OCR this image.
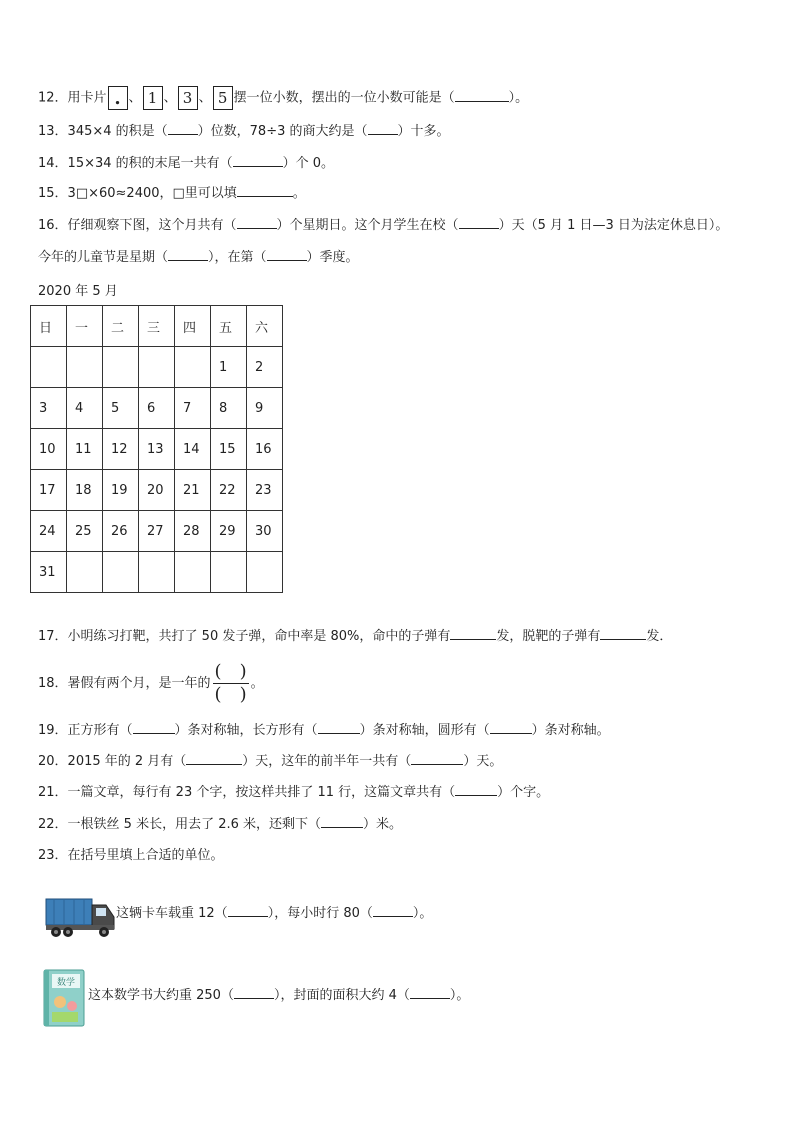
12．用卡片 . 、 1 、 3 、 5 摆一位小数，摆出的一位小数可能是（	）。
13．345×4 的积是（ ）位数，78÷3 的商大约是（ ）十多。
14．15×34 的积的末尾一共有（	）个 0。
15．3□×60≈2400，□里可以填	。
16．仔细观察下图，这个月共有（	）个星期日。这个月学生在校（	）天（5 月 1 日—3 日为法定休息日）。
今年的儿童节是星期（	），在第（	）季度。
2020 年 5 月
日	一	二	三	四	五	六
					1	2
3	4	5	6	7	8	9
10	11	12	13	14	15	16
17	18	19	20	21	22	23
24	25	26	27	28	29	30
31						
17．小明练习打靶，共打了 50 发子弹，命中率是 80%，命中的子弹有	发，脱靶的子弹有	发．
18．暑假有两个月，是一年的 $\frac{( )}{( )}$ 。
19．正方形有（	）条对称轴，长方形有（	）条对称轴，圆形有（	）条对称轴。
20．2015 年的 2 月有（	）天，这年的前半年一共有（	）天。
21．一篇文章，每行有 23 个字，按这样共排了 11 行，这篇文章共有（	）个字。
22．一根铁丝 5 米长，用去了 2.6 米，还剩下（	）米。
23．在括号里填上合适的单位。
这辆卡车载重 12（	），每小时行 80（	）。
数学
这本数学书大约重 250（	），封面的面积大约 4（	）。
